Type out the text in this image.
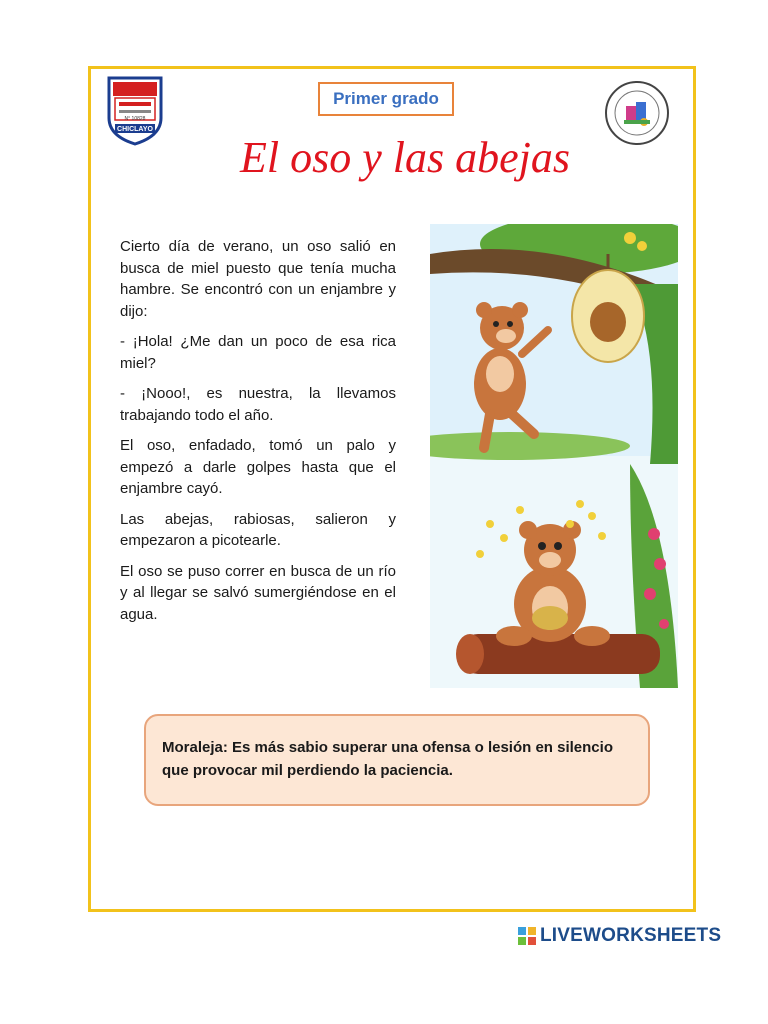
CHICLAYO
N° 10828
Primer grado
El oso y las abejas

Cierto día de verano, un oso salió en busca de miel puesto que tenía mucha hambre. Se encontró con un enjambre y dijo:

- ¡Hola! ¿Me dan un poco de esa rica miel?

- ¡Nooo!, es nuestra, la llevamos trabajando todo el año.

El oso, enfadado, tomó un palo y empezó a darle golpes hasta que el enjambre cayó.

Las abejas, rabiosas, salieron y empezaron a picotearle.

El oso se puso correr en busca de un río y al llegar se salvó sumergiéndose en el agua.

Moraleja: Es más sabio superar una ofensa o lesión en silencio que provocar mil perdiendo la paciencia.
LIVEWORKSHEETS
